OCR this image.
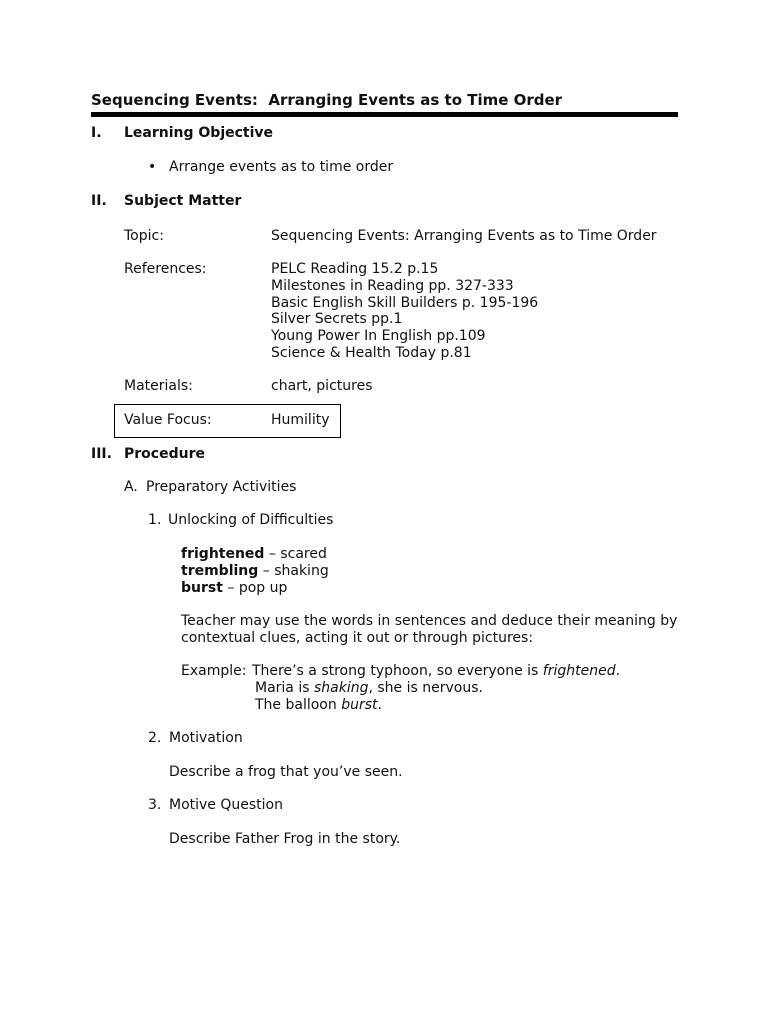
Sequencing Events:  Arranging Events as to Time Order
I. Learning Objective
• Arrange events as to time order
II. Subject Matter
Topic:	Sequencing Events: Arranging Events as to Time Order
References:	PELC Reading 15.2 p.15
Milestones in Reading pp. 327-333
Basic English Skill Builders p. 195-196
Silver Secrets pp.1
Young Power In English pp.109
Science & Health Today p.81
Materials:	chart, pictures
Value Focus:	Humility
III. Procedure
A. Preparatory Activities
1. Unlocking of Difficulties
frightened – scared
trembling – shaking
burst – pop up
Teacher may use the words in sentences and deduce their meaning by
contextual clues, acting it out or through pictures:
Example: There’s a strong typhoon, so everyone is frightened.
Maria is shaking, she is nervous.
The balloon burst.
2. Motivation
Describe a frog that you’ve seen.
3. Motive Question
Describe Father Frog in the story.
